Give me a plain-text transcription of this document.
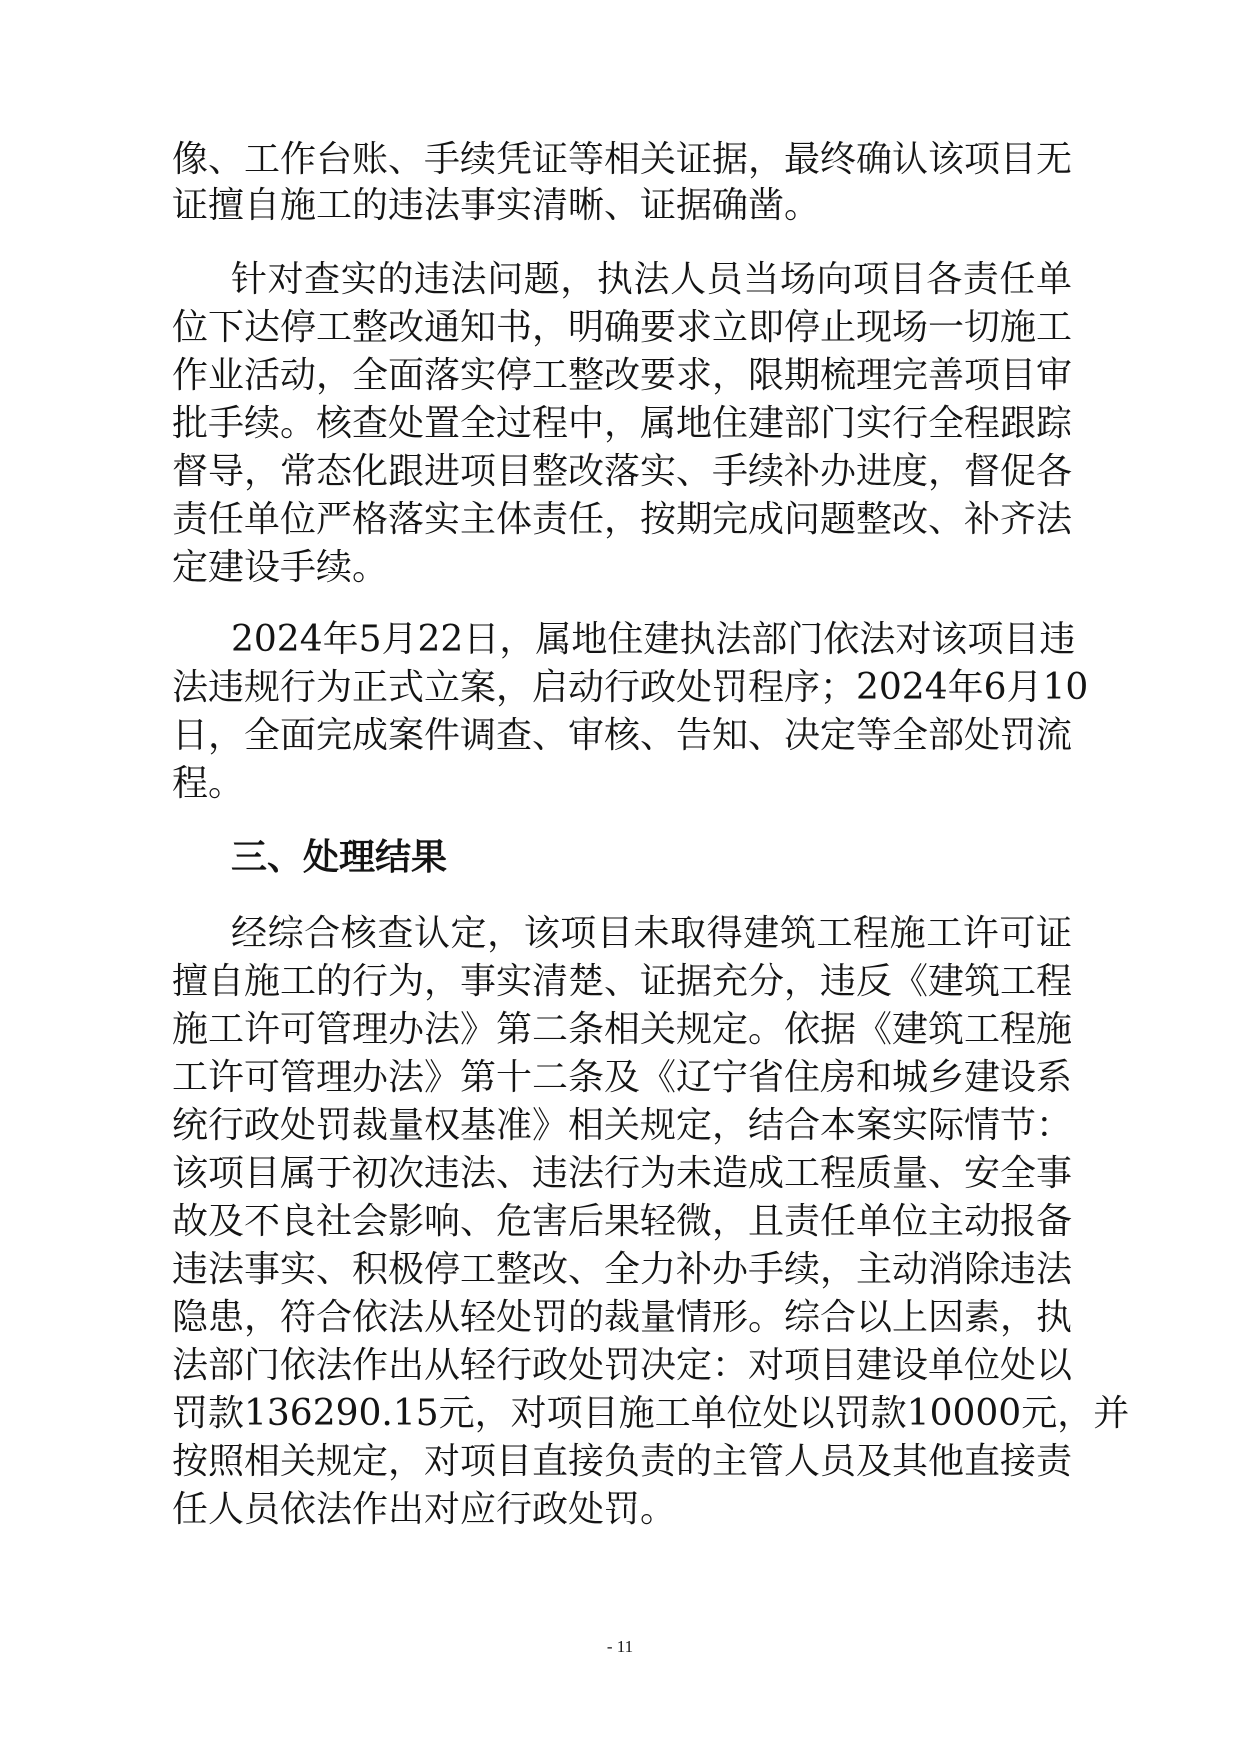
像、工作台账、手续凭证等相关证据，最终确认该项目无
证擅自施工的违法事实清晰、证据确凿。
针对查实的违法问题，执法人员当场向项目各责任单
位下达停工整改通知书，明确要求立即停止现场一切施工
作业活动，全面落实停工整改要求，限期梳理完善项目审
批手续。核查处置全过程中，属地住建部门实行全程跟踪
督导，常态化跟进项目整改落实、手续补办进度，督促各
责任单位严格落实主体责任，按期完成问题整改、补齐法
定建设手续。
2024年5月22日，属地住建执法部门依法对该项目违
法违规行为正式立案，启动行政处罚程序；2024年6月10
日，全面完成案件调查、审核、告知、决定等全部处罚流
程。
三、处理结果
经综合核查认定，该项目未取得建筑工程施工许可证
擅自施工的行为，事实清楚、证据充分，违反《建筑工程
施工许可管理办法》第二条相关规定。依据《建筑工程施
工许可管理办法》第十二条及《辽宁省住房和城乡建设系
统行政处罚裁量权基准》相关规定，结合本案实际情节：
该项目属于初次违法、违法行为未造成工程质量、安全事
故及不良社会影响、危害后果轻微，且责任单位主动报备
违法事实、积极停工整改、全力补办手续，主动消除违法
隐患，符合依法从轻处罚的裁量情形。综合以上因素，执
法部门依法作出从轻行政处罚决定：对项目建设单位处以
罚款136290.15元，对项目施工单位处以罚款10000元，并
按照相关规定，对项目直接负责的主管人员及其他直接责
任人员依法作出对应行政处罚。
- 11
